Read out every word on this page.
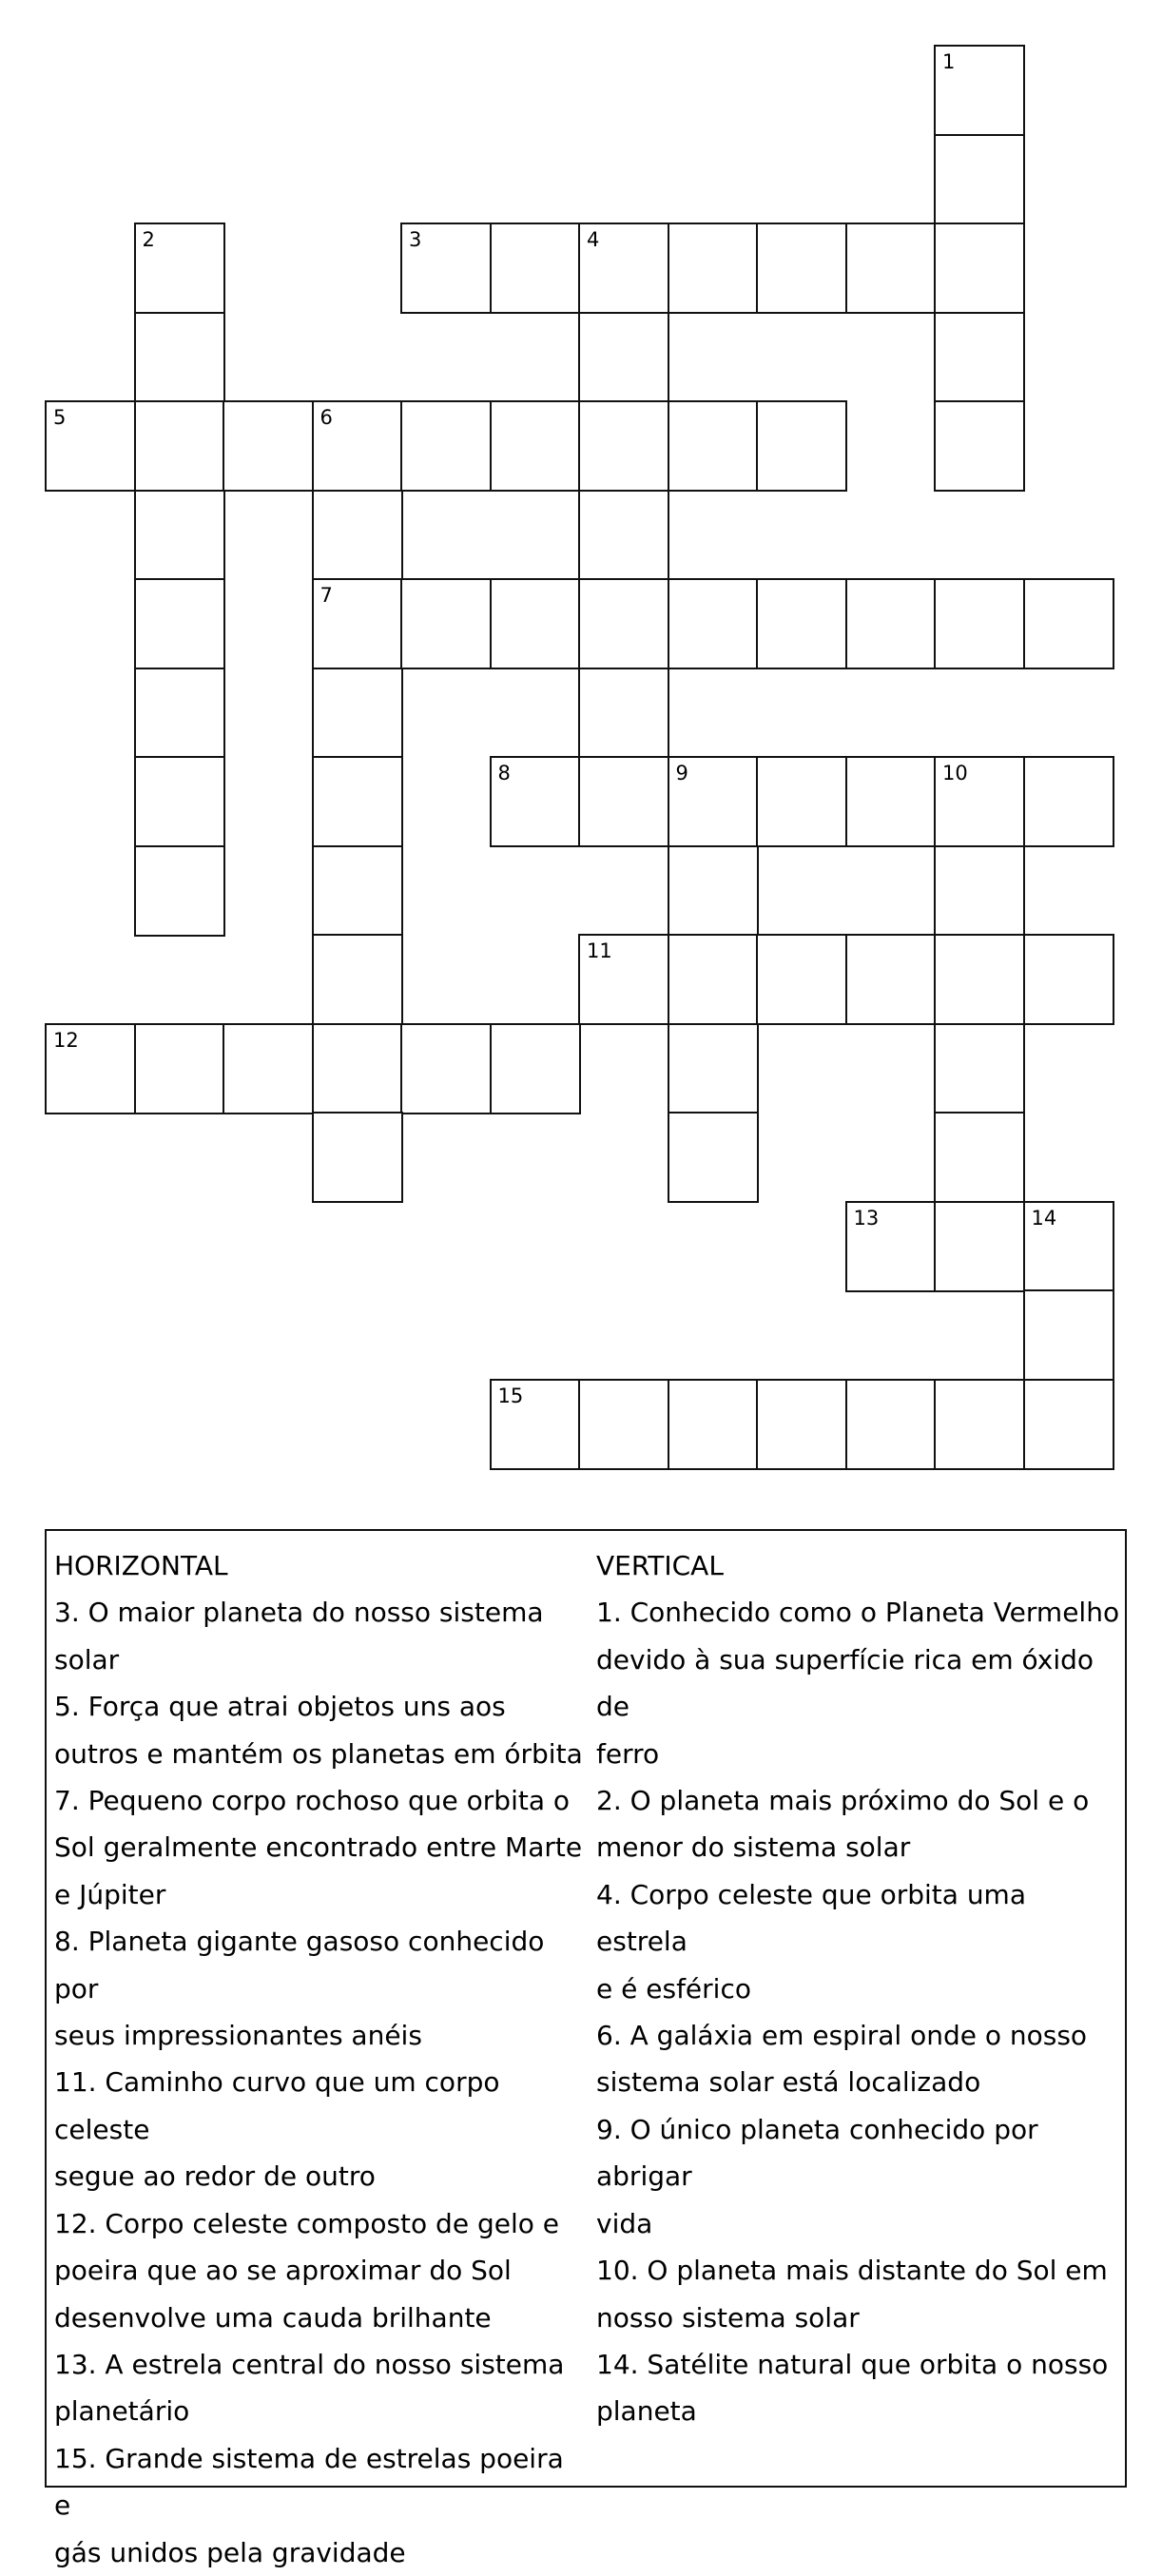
1
2	3	4
5	6
7
8	9	10
11
12
13	14
15
HORIZONTAL
3. O maior planeta do nosso sistema
solar
5. Força que atrai objetos uns aos
outros e mantém os planetas em órbita
7. Pequeno corpo rochoso que orbita o
Sol geralmente encontrado entre Marte
e Júpiter
8. Planeta gigante gasoso conhecido por
seus impressionantes anéis
11. Caminho curvo que um corpo celeste
segue ao redor de outro
12. Corpo celeste composto de gelo e
poeira que ao se aproximar do Sol
desenvolve uma cauda brilhante
13. A estrela central do nosso sistema
planetário
15. Grande sistema de estrelas poeira e
gás unidos pela gravidade
VERTICAL
1. Conhecido como o Planeta Vermelho
devido à sua superfície rica em óxido de
ferro
2. O planeta mais próximo do Sol e o
menor do sistema solar
4. Corpo celeste que orbita uma estrela
e é esférico
6. A galáxia em espiral onde o nosso
sistema solar está localizado
9. O único planeta conhecido por abrigar
vida
10. O planeta mais distante do Sol em
nosso sistema solar
14. Satélite natural que orbita o nosso
planeta
